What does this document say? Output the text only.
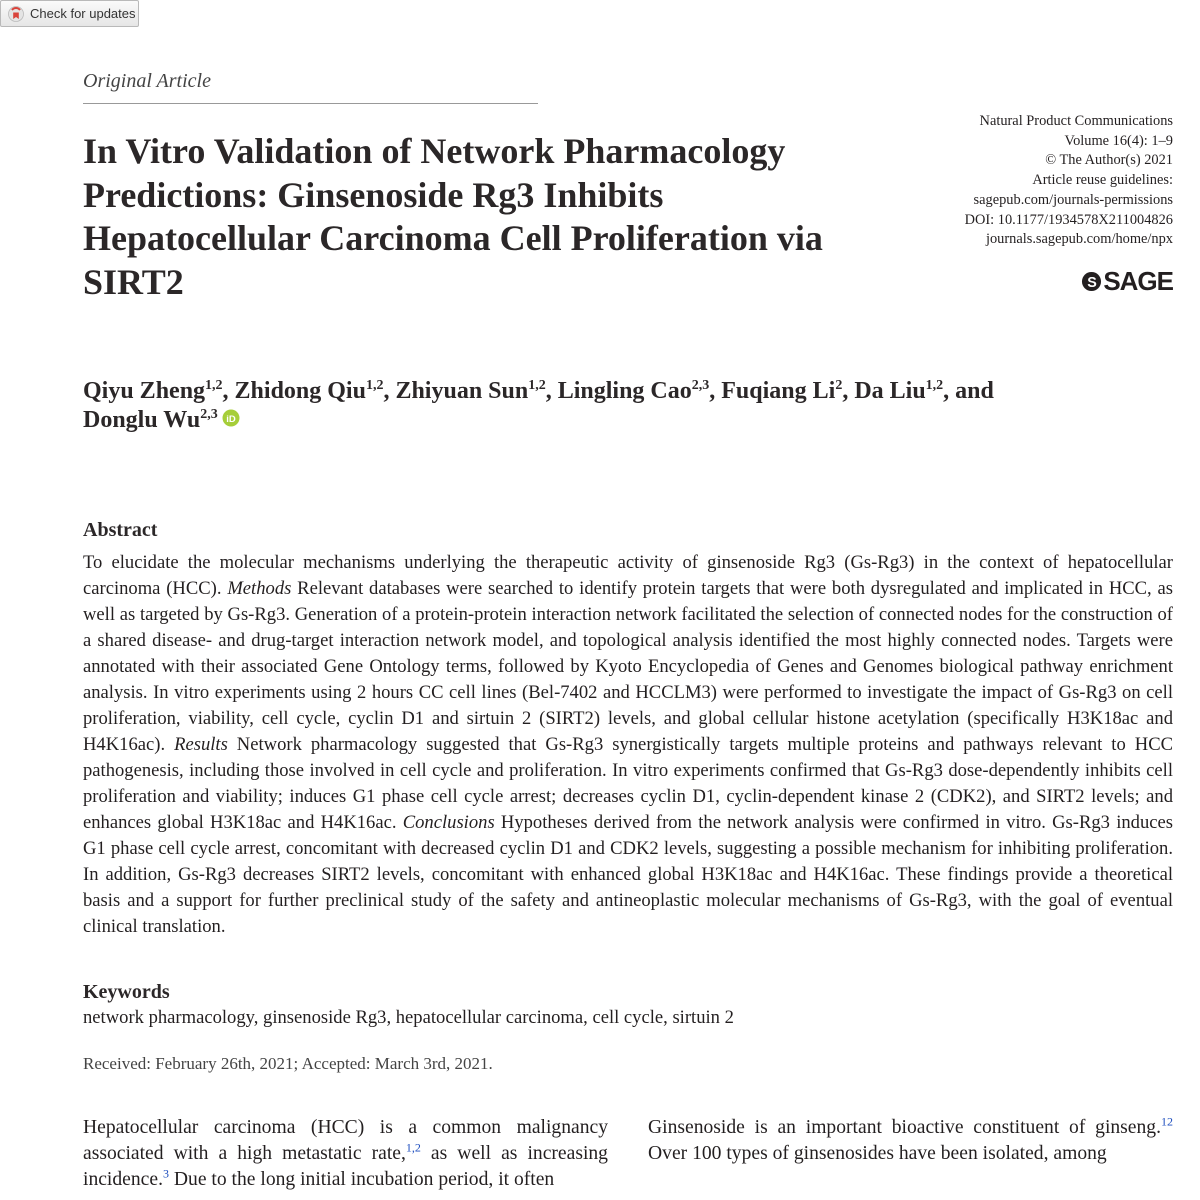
Check for updates
Original Article
In Vitro Validation of Network Pharmacology Predictions: Ginsenoside Rg3 Inhibits Hepatocellular Carcinoma Cell Proliferation via SIRT2
Natural Product Communications
Volume 16(4): 1–9
© The Author(s) 2021
Article reuse guidelines:
sagepub.com/journals-permissions
DOI: 10.1177/1934578X211004826
journals.sagepub.com/home/npx
S SAGE

Qiyu Zheng$^{1,2}$, Zhidong Qiu$^{1,2}$, Zhiyuan Sun$^{1,2}$, Lingling Cao$^{2,3}$, Fuqiang Li$^2$, Da Liu$^{1,2}$, and
Donglu Wu$^{2,3}$ iD

Abstract

To elucidate the molecular mechanisms underlying the therapeutic activity of ginsenoside Rg3 (Gs-Rg3) in the context of hepatocellular carcinoma (HCC). Methods Relevant databases were searched to identify protein targets that were both dysregulated and implicated in HCC, as well as targeted by Gs-Rg3. Generation of a protein-protein interaction network facilitated the selection of connected nodes for the construction of a shared disease- and drug-target interaction network model, and topological analysis identified the most highly connected nodes. Targets were annotated with their associated Gene Ontology terms, followed by Kyoto Encyclopedia of Genes and Genomes biological pathway enrichment analysis. In vitro experiments using 2 hours CC cell lines (Bel-7402 and HCCLM3) were performed to investigate the impact of Gs-Rg3 on cell proliferation, viability, cell cycle, cyclin D1 and sirtuin 2 (SIRT2) levels, and global cellular histone acetylation (specifically H3K18ac and H4K16ac). Results Network pharmacology suggested that Gs-Rg3 synergistically targets multiple proteins and pathways relevant to HCC pathogenesis, including those involved in cell cycle and proliferation. In vitro experiments confirmed that Gs-Rg3 dose-dependently inhibits cell proliferation and viability; induces G1 phase cell cycle arrest; decreases cyclin D1, cyclin-dependent kinase 2 (CDK2), and SIRT2 levels; and enhances global H3K18ac and H4K16ac. Conclusions Hypotheses derived from the network analysis were confirmed in vitro. Gs-Rg3 induces G1 phase cell cycle arrest, concomitant with decreased cyclin D1 and CDK2 levels, suggesting a possible mechanism for inhibiting proliferation. In addition, Gs-Rg3 decreases SIRT2 levels, concomitant with enhanced global H3K18ac and H4K16ac. These findings provide a theoretical basis and a support for further preclinical study of the safety and antineoplastic molecular mechanisms of Gs-Rg3, with the goal of eventual clinical translation.

Keywords
network pharmacology, ginsenoside Rg3, hepatocellular carcinoma, cell cycle, sirtuin 2
Received: February 26th, 2021; Accepted: March 3rd, 2021.

Hepatocellular carcinoma (HCC) is a common malignancy associated with a high metastatic rate,$^{1,2}$ as well as increasing incidence.$^3$ Due to the long initial incubation period, it often

Ginsenoside is an important bioactive constituent of ginseng.$^{12}$ Over 100 types of ginsenosides have been isolated, among
